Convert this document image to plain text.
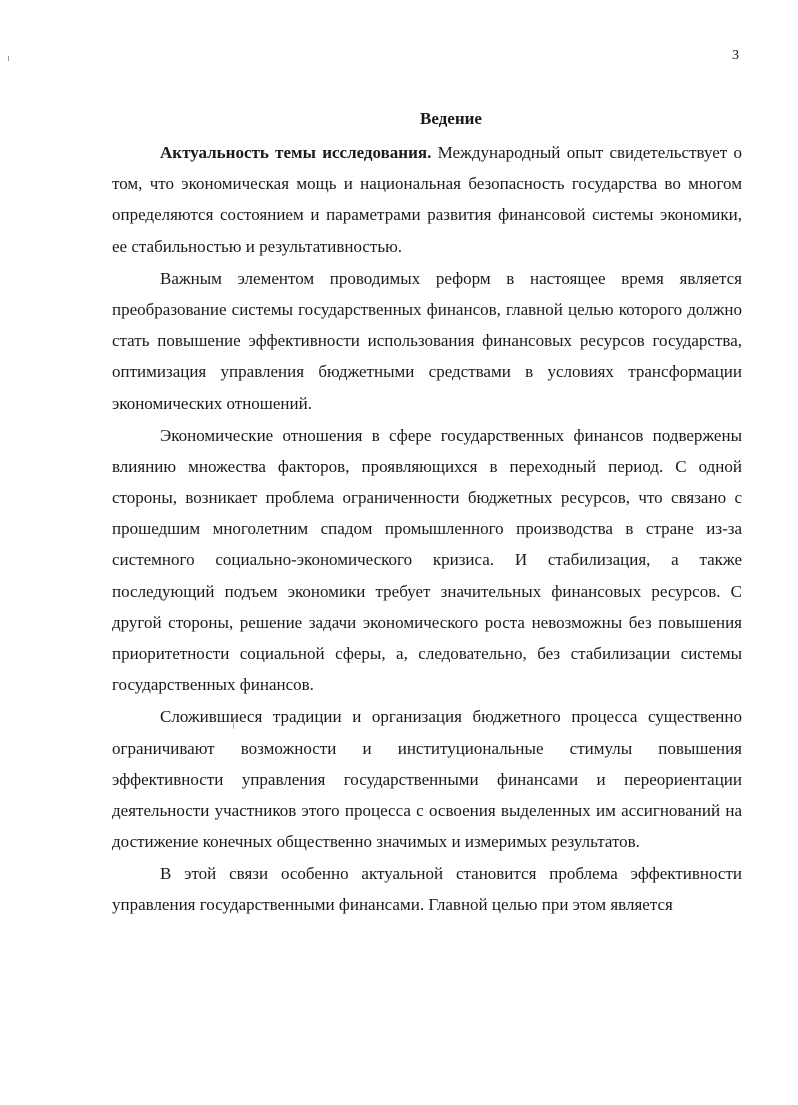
3
Ведение

Актуальность темы исследования. Международный опыт свидетельствует о том, что экономическая мощь и национальная безопасность государства во многом определяются состоянием и параметрами развития финансовой системы экономики, ее стабильностью и результативностью.

Важным элементом проводимых реформ в настоящее время является преобразование системы государственных финансов, главной целью которого должно стать повышение эффективности использования финансовых ресурсов государства, оптимизация управления бюджетными средствами в условиях трансформации экономических отношений.

Экономические отношения в сфере государственных финансов подвержены влиянию множества факторов, проявляющихся в переходный период. С одной стороны, возникает проблема ограниченности бюджетных ресурсов, что связано с прошедшим многолетним спадом промышленного производства в стране из-за системного социально-экономического кризиса. И стабилизация, а также последующий подъем экономики требует значительных финансовых ресурсов. С другой стороны, решение задачи экономического роста невозможны без повышения приоритетности социальной сферы, а, следовательно, без стабилизации системы государственных финансов.

Сложившиеся традиции и организация бюджетного процесса существенно ограничивают возможности и институциональные стимулы повышения эффективности управления государственными финансами и переориентации деятельности участников этого процесса с освоения выделенных им ассигнований на достижение конечных общественно значимых и измеримых результатов.

В этой связи особенно актуальной становится проблема эффективности управления государственными финансами. Главной целью при этом является
